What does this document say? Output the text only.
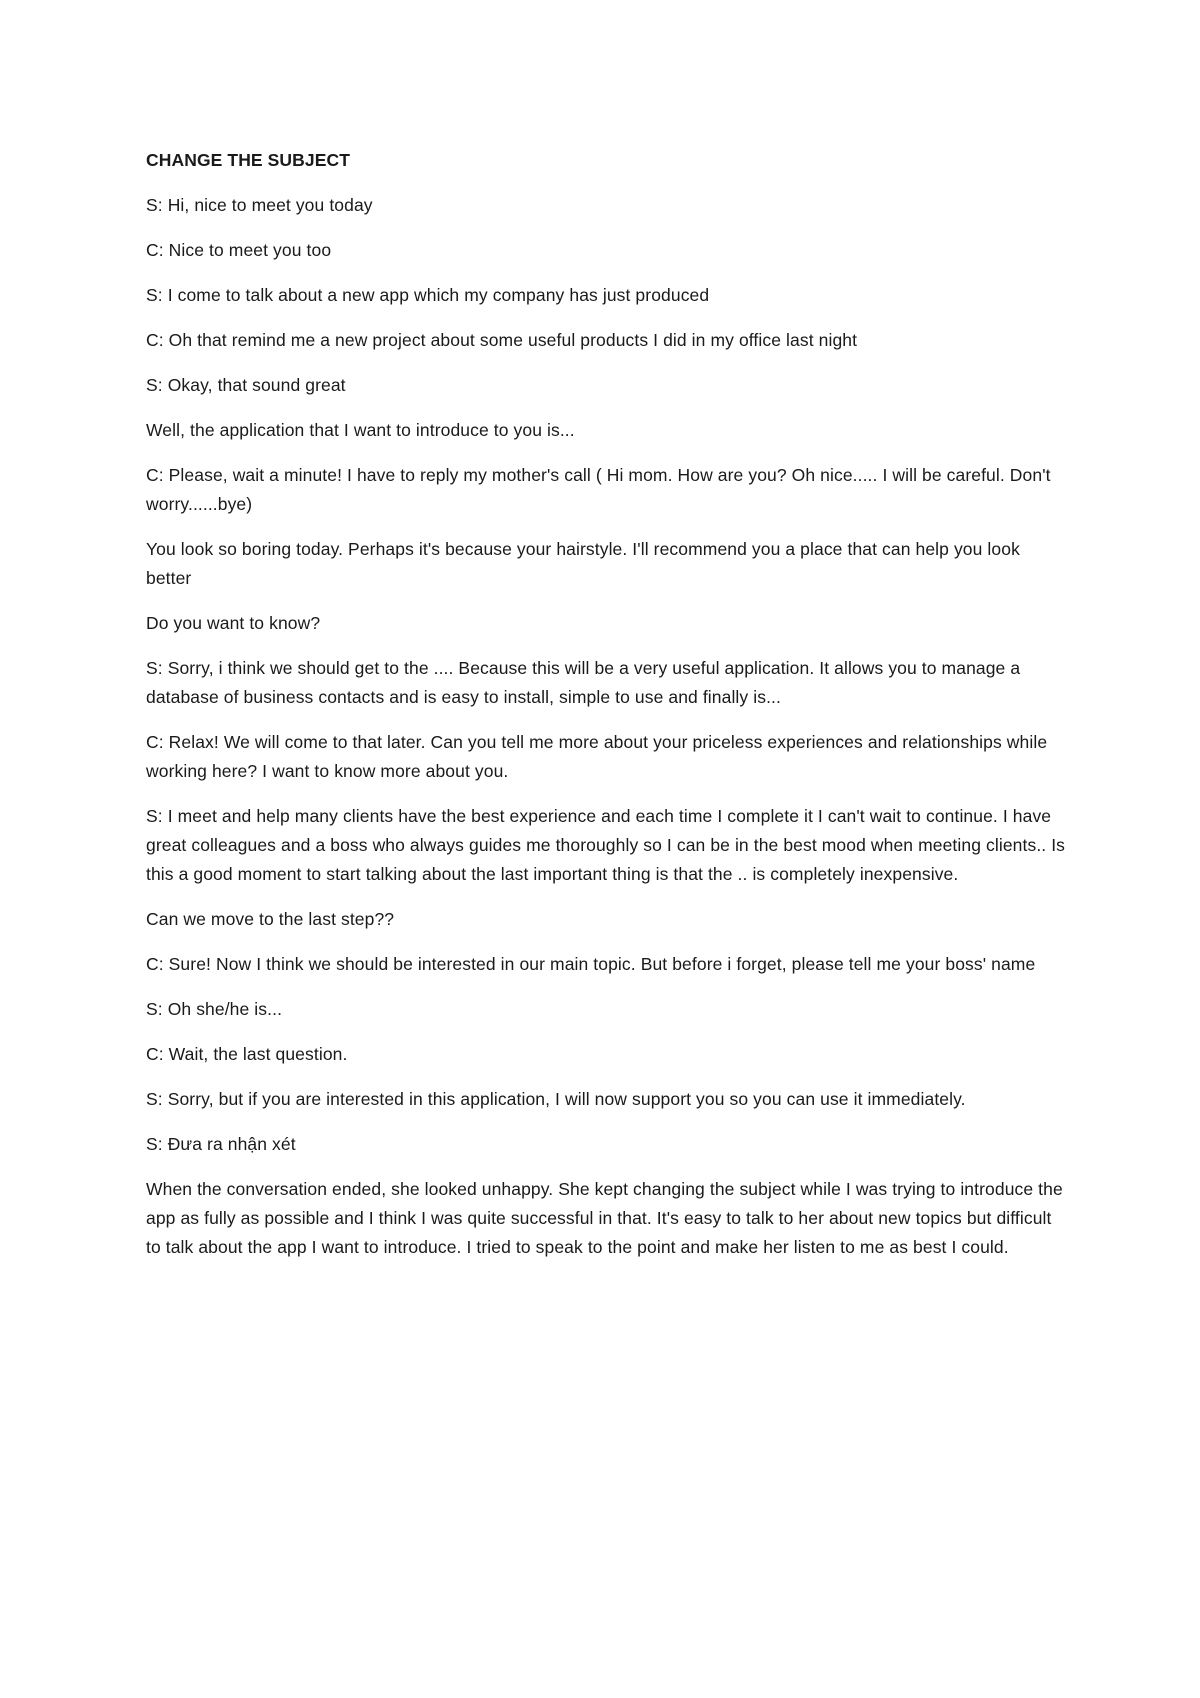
CHANGE THE SUBJECT

S: Hi, nice to meet you today

C: Nice to meet you too

S: I come to talk about a new app which my company has just produced

C: Oh that remind me a new project about some useful products I did in my office last night

S: Okay, that sound great

Well, the application that I want to introduce to you is...

C: Please, wait a minute! I have to reply my mother's call ( Hi mom. How are you? Oh nice..... I will be careful. Don't worry......bye)

You look so boring today. Perhaps it's because your hairstyle. I'll recommend you a place that can help you look better

Do you want to know?

S: Sorry, i think we should get to the .... Because this will be a very useful application. It allows you to manage a database of business contacts and is easy to install, simple to use and finally is...

C: Relax! We will come to that later. Can you tell me more about your priceless experiences and relationships while working here? I want to know more about you.

S: I meet and help many clients have the best experience and each time I complete it I can't wait to continue. I have great colleagues and a boss who always guides me thoroughly so I can be in the best mood when meeting clients.. Is this a good moment to start talking about the last important thing is that the .. is completely inexpensive.

Can we move to the last step??

C: Sure! Now I think we should be interested in our main topic. But before i forget, please tell me your boss' name

S: Oh she/he is...

C: Wait, the last question.

S: Sorry, but if you are interested in this application, I will now support you so you can use it immediately.

S: Đưa ra nhận xét

When the conversation ended, she looked unhappy. She kept changing the subject while I was trying to introduce the app as fully as possible and I think I was quite successful in that. It's easy to talk to her about new topics but difficult to talk about the app I want to introduce. I tried to speak to the point and make her listen to me as best I could.
